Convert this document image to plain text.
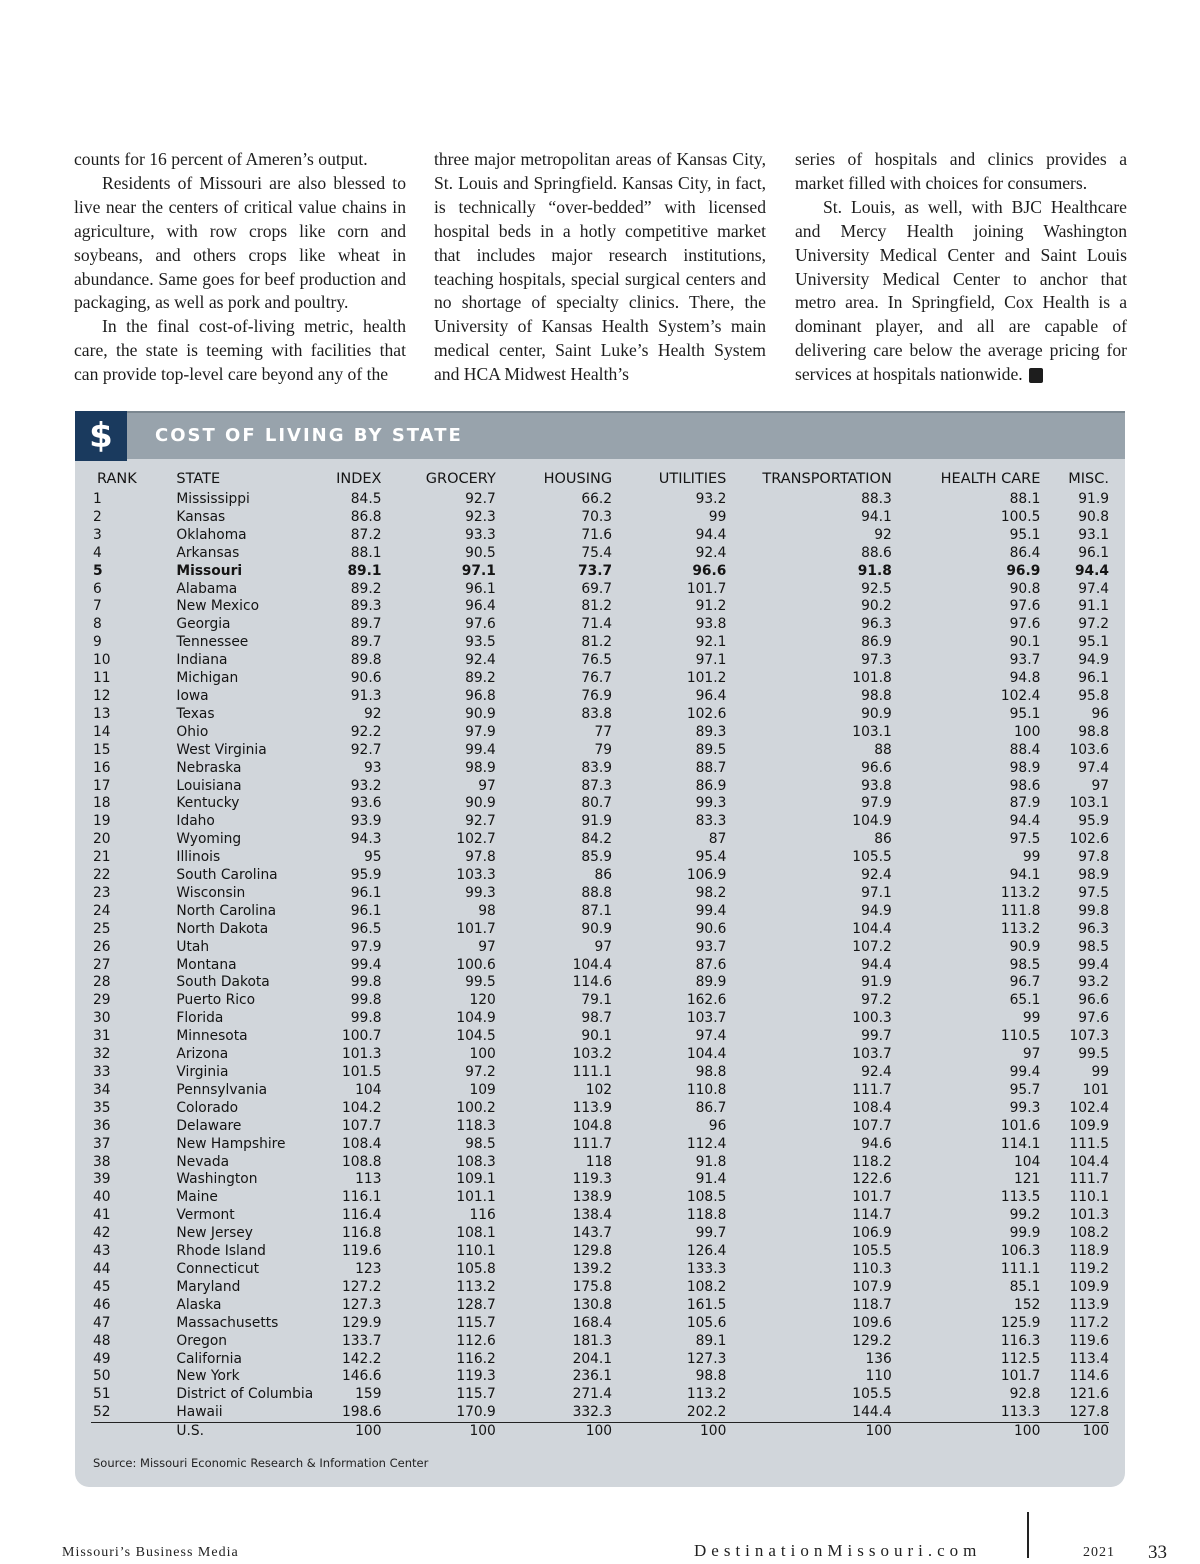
counts for 16 percent of Ameren’s output.

Residents of Missouri are also blessed to live near the centers of critical value chains in agriculture, with row crops like corn and soybeans, and others crops like wheat in abundance. Same goes for beef production and packaging, as well as pork and poultry.

In the final cost-of-living metric, health care, the state is teeming with facilities that can provide top-level care beyond any of the

three major metropolitan areas of Kansas City, St. Louis and Springfield. Kansas City, in fact, is technically “over-bedded” with licensed hospital beds in a hotly competitive market that includes major research institutions, teaching hospitals, special surgical centers and no shortage of specialty clinics. There, the University of Kansas Health System’s main medical center, Saint Luke’s Health System and HCA Midwest Health’s

series of hospitals and clinics provides a market filled with choices for consumers.

St. Louis, as well, with BJC Healthcare and Mercy Health joining Washington University Medical Center and Saint Louis University Medical Center to anchor that metro area. In Springfield, Cox Health is a dominant player, and all are capable of delivering care below the average pricing for services at hospitals nationwide.	I

$	COST OF LIVING BY STATE
RANK	STATE	INDEX	GROCERY	HOUSING	UTILITIES	TRANSPORTATION	HEALTH CARE	MISC.
1	Mississippi	84.5	92.7	66.2	93.2	88.3	88.1	91.9
2	Kansas	86.8	92.3	70.3	99	94.1	100.5	90.8
3	Oklahoma	87.2	93.3	71.6	94.4	92	95.1	93.1
4	Arkansas	88.1	90.5	75.4	92.4	88.6	86.4	96.1
5	Missouri	89.1	97.1	73.7	96.6	91.8	96.9	94.4
6	Alabama	89.2	96.1	69.7	101.7	92.5	90.8	97.4
7	New Mexico	89.3	96.4	81.2	91.2	90.2	97.6	91.1
8	Georgia	89.7	97.6	71.4	93.8	96.3	97.6	97.2
9	Tennessee	89.7	93.5	81.2	92.1	86.9	90.1	95.1
10	Indiana	89.8	92.4	76.5	97.1	97.3	93.7	94.9
11	Michigan	90.6	89.2	76.7	101.2	101.8	94.8	96.1
12	Iowa	91.3	96.8	76.9	96.4	98.8	102.4	95.8
13	Texas	92	90.9	83.8	102.6	90.9	95.1	96
14	Ohio	92.2	97.9	77	89.3	103.1	100	98.8
15	West Virginia	92.7	99.4	79	89.5	88	88.4	103.6
16	Nebraska	93	98.9	83.9	88.7	96.6	98.9	97.4
17	Louisiana	93.2	97	87.3	86.9	93.8	98.6	97
18	Kentucky	93.6	90.9	80.7	99.3	97.9	87.9	103.1
19	Idaho	93.9	92.7	91.9	83.3	104.9	94.4	95.9
20	Wyoming	94.3	102.7	84.2	87	86	97.5	102.6
21	Illinois	95	97.8	85.9	95.4	105.5	99	97.8
22	South Carolina	95.9	103.3	86	106.9	92.4	94.1	98.9
23	Wisconsin	96.1	99.3	88.8	98.2	97.1	113.2	97.5
24	North Carolina	96.1	98	87.1	99.4	94.9	111.8	99.8
25	North Dakota	96.5	101.7	90.9	90.6	104.4	113.2	96.3
26	Utah	97.9	97	97	93.7	107.2	90.9	98.5
27	Montana	99.4	100.6	104.4	87.6	94.4	98.5	99.4
28	South Dakota	99.8	99.5	114.6	89.9	91.9	96.7	93.2
29	Puerto Rico	99.8	120	79.1	162.6	97.2	65.1	96.6
30	Florida	99.8	104.9	98.7	103.7	100.3	99	97.6
31	Minnesota	100.7	104.5	90.1	97.4	99.7	110.5	107.3
32	Arizona	101.3	100	103.2	104.4	103.7	97	99.5
33	Virginia	101.5	97.2	111.1	98.8	92.4	99.4	99
34	Pennsylvania	104	109	102	110.8	111.7	95.7	101
35	Colorado	104.2	100.2	113.9	86.7	108.4	99.3	102.4
36	Delaware	107.7	118.3	104.8	96	107.7	101.6	109.9
37	New Hampshire	108.4	98.5	111.7	112.4	94.6	114.1	111.5
38	Nevada	108.8	108.3	118	91.8	118.2	104	104.4
39	Washington	113	109.1	119.3	91.4	122.6	121	111.7
40	Maine	116.1	101.1	138.9	108.5	101.7	113.5	110.1
41	Vermont	116.4	116	138.4	118.8	114.7	99.2	101.3
42	New Jersey	116.8	108.1	143.7	99.7	106.9	99.9	108.2
43	Rhode Island	119.6	110.1	129.8	126.4	105.5	106.3	118.9
44	Connecticut	123	105.8	139.2	133.3	110.3	111.1	119.2
45	Maryland	127.2	113.2	175.8	108.2	107.9	85.1	109.9
46	Alaska	127.3	128.7	130.8	161.5	118.7	152	113.9
47	Massachusetts	129.9	115.7	168.4	105.6	109.6	125.9	117.2
48	Oregon	133.7	112.6	181.3	89.1	129.2	116.3	119.6
49	California	142.2	116.2	204.1	127.3	136	112.5	113.4
50	New York	146.6	119.3	236.1	98.8	110	101.7	114.6
51	District of Columbia	159	115.7	271.4	113.2	105.5	92.8	121.6
52	Hawaii	198.6	170.9	332.3	202.2	144.4	113.3	127.8
	U.S.	100	100	100	100	100	100	100
Source: Missouri Economic Research & Information Center
Missouri’s Business Media	DestinationMissouri.com	2021 33
